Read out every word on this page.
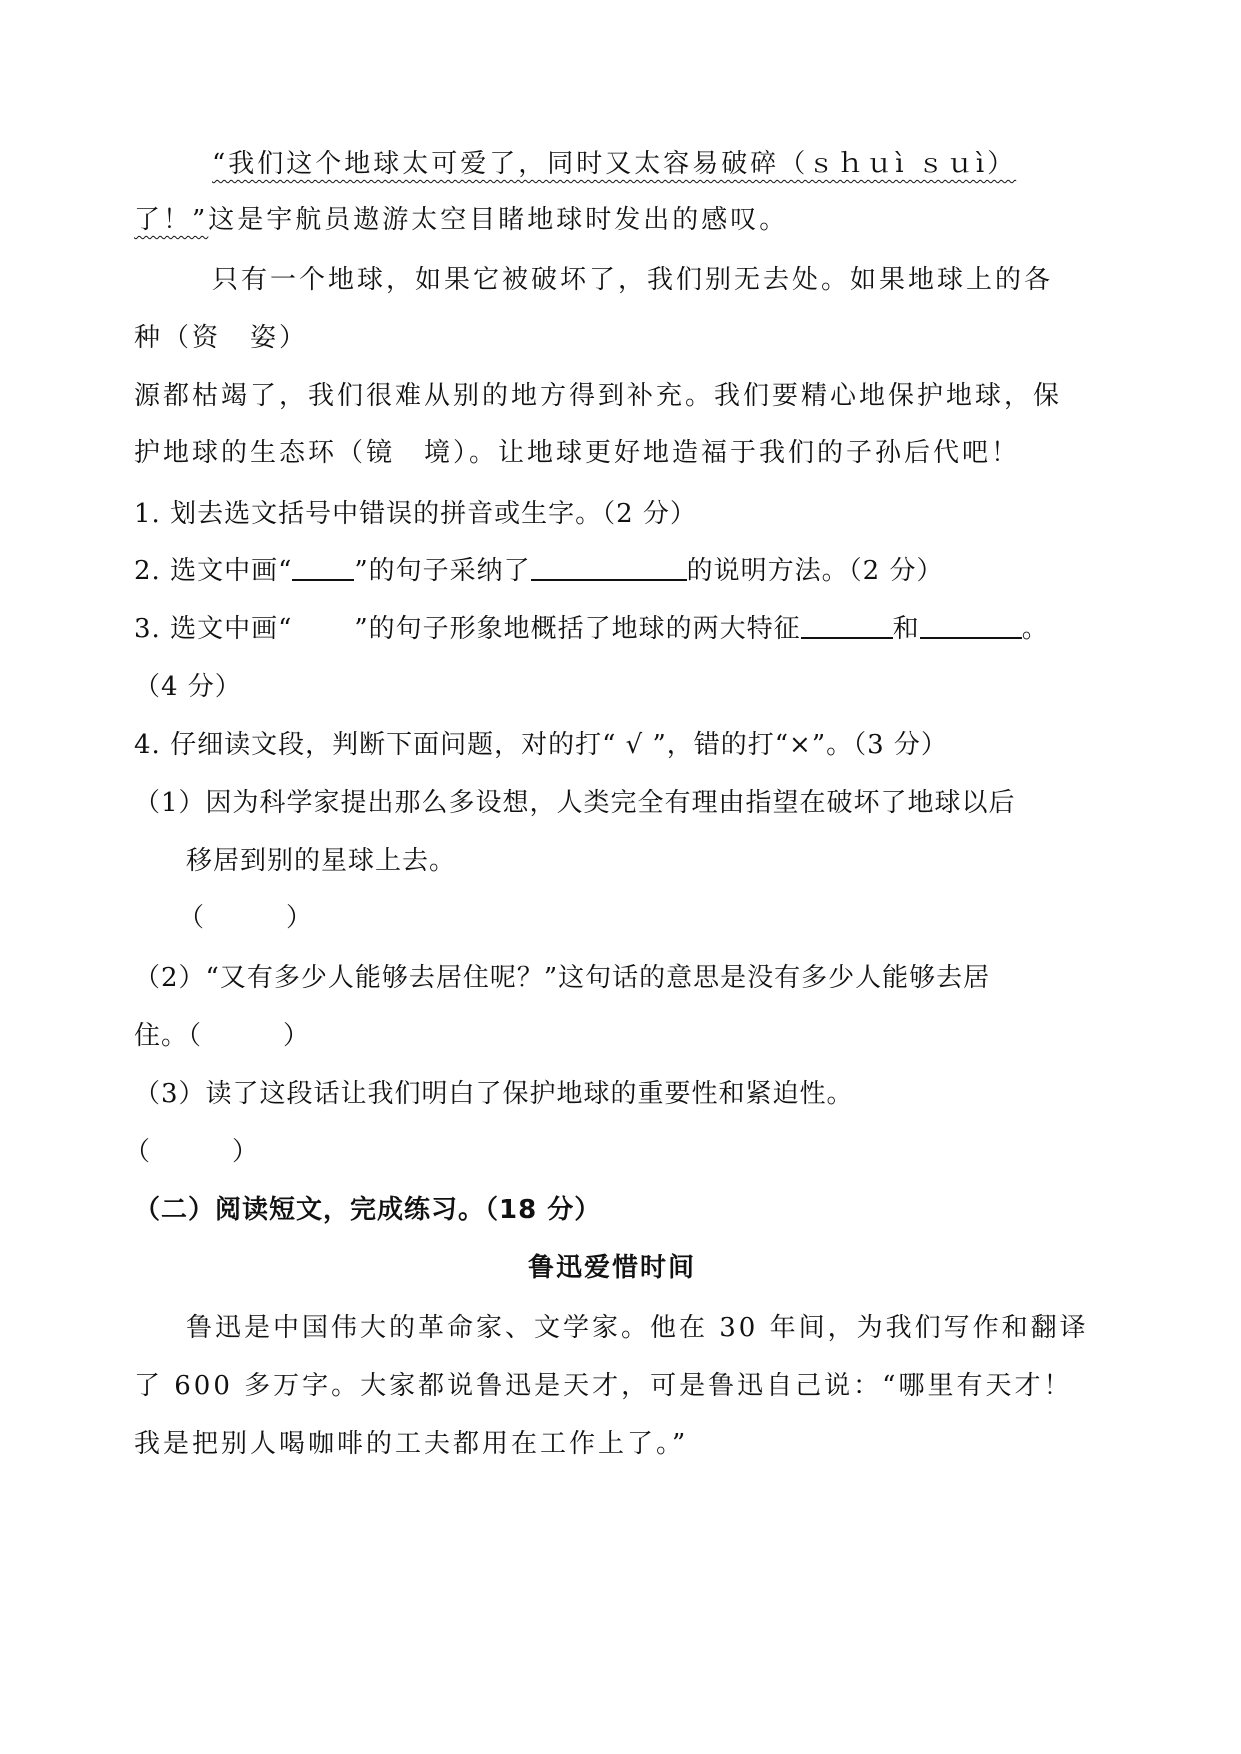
“我们这个地球太可爱了，同时又太容易破碎（ｓｈｕì ｓｕì）
了！”这是宇航员遨游太空目睹地球时发出的感叹。
只有一个地球，如果它被破坏了，我们别无去处。如果地球上的各
种（资　姿）
源都枯竭了，我们很难从别的地方得到补充。我们要精心地保护地球，保
护地球的生态环（镜　境）。让地球更好地造福于我们的子孙后代吧！
1. 划去选文括号中错误的拼音或生字。（2 分）
2. 选文中画“ ”的句子采纳了	的说明方法。（2 分）
3. 选文中画“　　　 ”的句子形象地概括了地球的两大特征	和	。
（4 分）
4. 仔细读文段，判断下面问题，对的打“ √ ”，错的打“×”。（3 分）
（1）因为科学家提出那么多设想，人类完全有理由指望在破坏了地球以后
移居到别的星球上去。
（　　　）
（2）“又有多少人能够去居住呢？”这句话的意思是没有多少人能够去居
住。（　　　）
（3）读了这段话让我们明白了保护地球的重要性和紧迫性。
（　　　）
（二）阅读短文，完成练习。（18 分）
鲁迅爱惜时间
鲁迅是中国伟大的革命家、文学家。他在 30 年间，为我们写作和翻译
了 600 多万字。大家都说鲁迅是天才，可是鲁迅自己说：“哪里有天才！
我是把别人喝咖啡的工夫都用在工作上了。”
